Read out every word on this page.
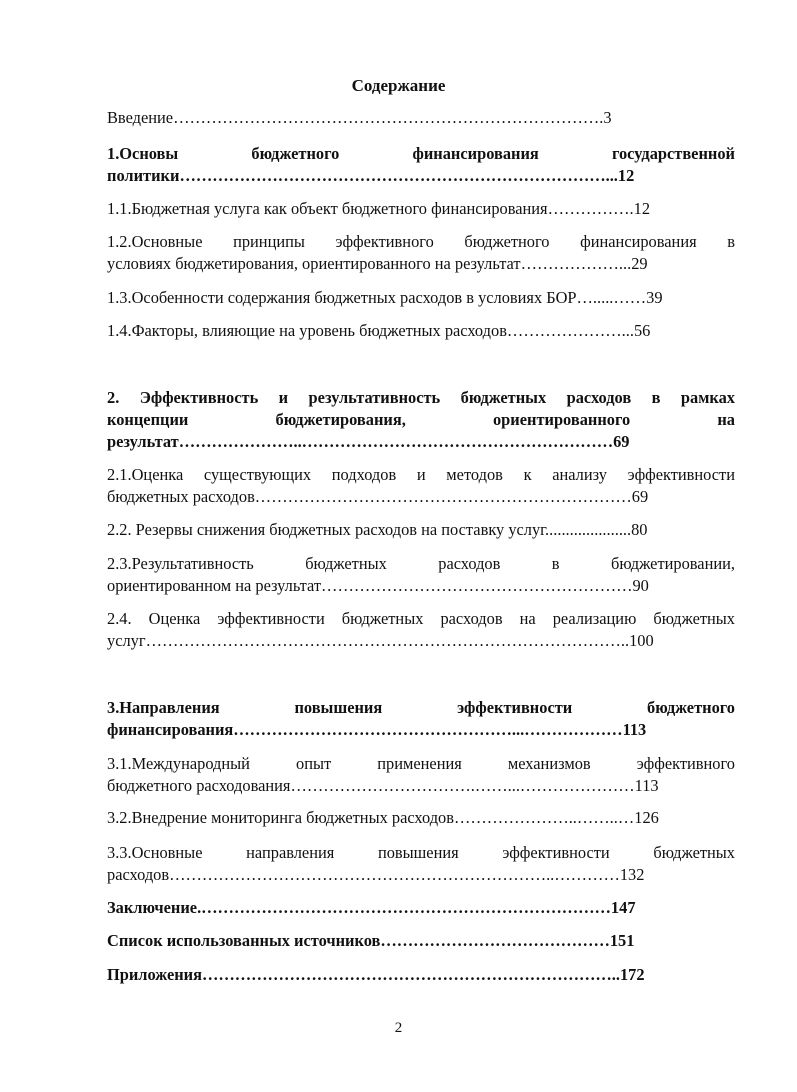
Содержание
Введение…………………………………………………………………….3
1.Основы бюджетного финансирования государственной
политики……………………………………………………………………...12
1.1.Бюджетная услуга как объект бюджетного финансирования…………….12
1.2.Основные принципы эффективного бюджетного финансирования в
условиях бюджетирования, ориентированного на результат………………...29
1.3.Особенности содержания бюджетных расходов в условиях БОР….....……39
1.4.Факторы, влияющие на уровень бюджетных расходов…………………...56
2. Эффективность и результативность бюджетных расходов в рамках
концепции бюджетирования, ориентированного на
результат…………………..…………………………………………………69
2.1.Оценка существующих подходов и методов к анализу эффективности
бюджетных расходов……………………………………………………………69
2.2. Резервы снижения бюджетных расходов на поставку услуг.....................80
2.3.Результативность бюджетных расходов в бюджетировании,
ориентированном на результат…………………………………………………90
2.4. Оценка эффективности бюджетных расходов на реализацию бюджетных
услуг……………………………………………………………………………..100
3.Направления повышения эффективности бюджетного
финансирования……………………………………………...………………113
3.1.Международный опыт применения механизмов эффективного
бюджетного расходования…………………………….……...…………………113
3.2.Внедрение мониторинга бюджетных расходов…………………..……..…126
3.3.Основные направления повышения эффективности бюджетных
расходов……………………………………………………………..…………132
Заключение.…………………………………………………………………147
Список использованных источников……………………………………151
Приложения…………………………………………………………………..172
2
